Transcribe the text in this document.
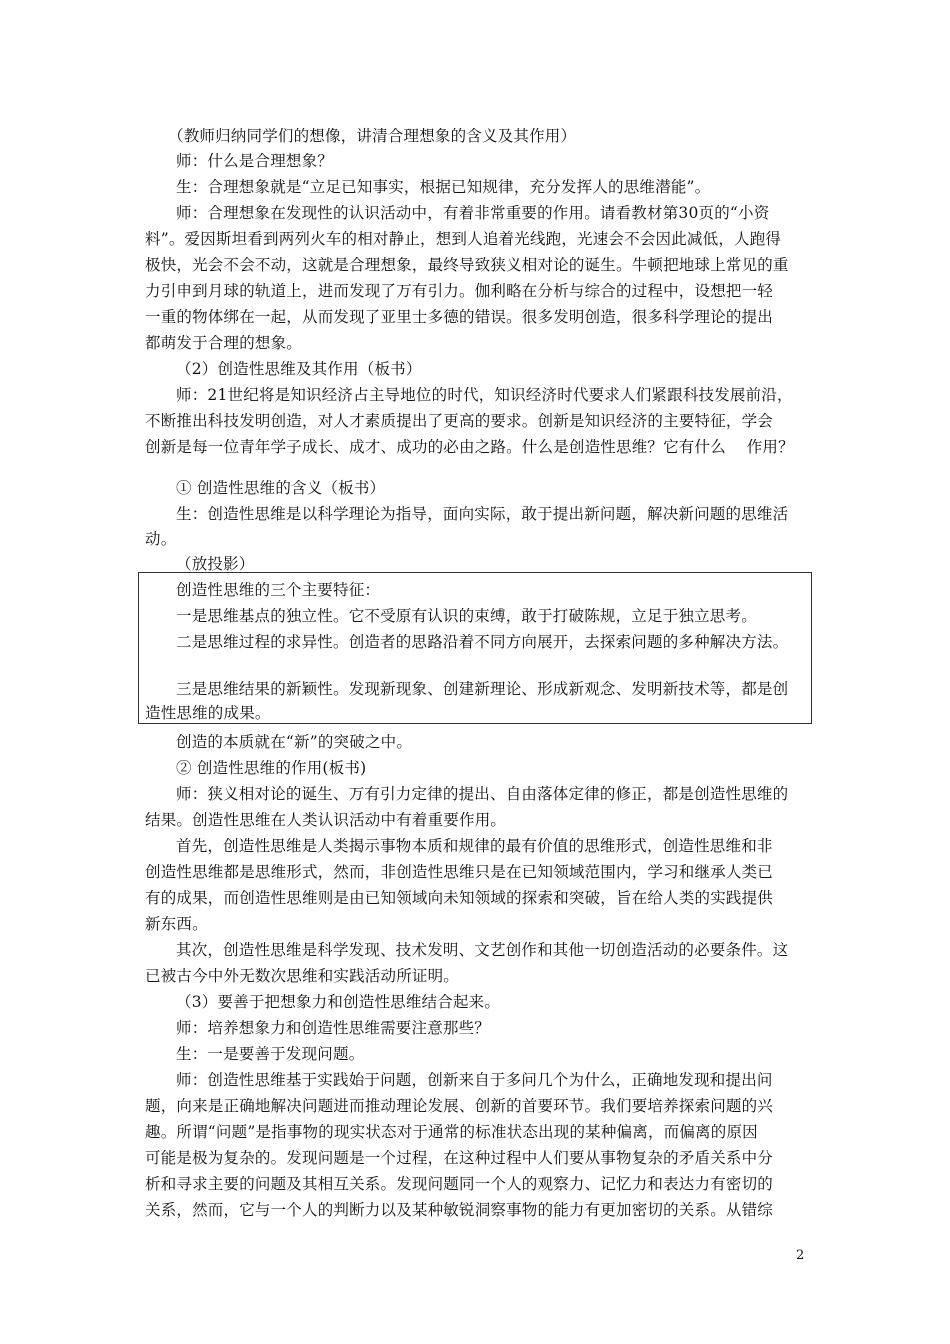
（教师归纳同学们的想像，讲清合理想象的含义及其作用）
师：什么是合理想象？
生：合理想象就是“立足已知事实，根据已知规律，充分发挥人的思维潜能”。
师：合理想象在发现性的认识活动中，有着非常重要的作用。请看教材第30页的“小资
料”。爱因斯坦看到两列火车的相对静止，想到人追着光线跑，光速会不会因此减低，人跑得
极快，光会不会不动，这就是合理想象，最终导致狭义相对论的诞生。牛顿把地球上常见的重
力引申到月球的轨道上，进而发现了万有引力。伽利略在分析与综合的过程中，设想把一轻
一重的物体绑在一起，从而发现了亚里士多德的错误。很多发明创造，很多科学理论的提出
都萌发于合理的想象。
（2）创造性思维及其作用（板书）
师：21世纪将是知识经济占主导地位的时代，知识经济时代要求人们紧跟科技发展前沿，
不断推出科技发明创造，对人才素质提出了更高的要求。创新是知识经济的主要特征，学会
创新是每一位青年学子成长、成才、成功的必由之路。什么是创造性思维？它有什么　 作用？
① 创造性思维的含义（板书）
生：创造性思维是以科学理论为指导，面向实际，敢于提出新问题，解决新问题的思维活
动。
（放投影）
创造性思维的三个主要特征：
一是思维基点的独立性。它不受原有认识的束缚，敢于打破陈规，立足于独立思考。
二是思维过程的求异性。创造者的思路沿着不同方向展开，去探索问题的多种解决方法。
三是思维结果的新颖性。发现新现象、创建新理论、形成新观念、发明新技术等，都是创
造性思维的成果。
创造的本质就在“新”的突破之中。
② 创造性思维的作用(板书)
师：狭义相对论的诞生、万有引力定律的提出、自由落体定律的修正，都是创造性思维的
结果。创造性思维在人类认识活动中有着重要作用。
首先，创造性思维是人类揭示事物本质和规律的最有价值的思维形式，创造性思维和非
创造性思维都是思维形式，然而，非创造性思维只是在已知领域范围内，学习和继承人类已
有的成果，而创造性思维则是由已知领域向未知领域的探索和突破，旨在给人类的实践提供
新东西。
其次，创造性思维是科学发现、技术发明、文艺创作和其他一切创造活动的必要条件。这
已被古今中外无数次思维和实践活动所证明。
（3）要善于把想象力和创造性思维结合起来。
师：培养想象力和创造性思维需要注意那些？
生：一是要善于发现问题。
师：创造性思维基于实践始于问题，创新来自于多问几个为什么，正确地发现和提出问
题，向来是正确地解决问题进而推动理论发展、创新的首要环节。我们要培养探索问题的兴
趣。所谓“问题”是指事物的现实状态对于通常的标准状态出现的某种偏离，而偏离的原因
可能是极为复杂的。发现问题是一个过程，在这种过程中人们要从事物复杂的矛盾关系中分
析和寻求主要的问题及其相互关系。发现问题同一个人的观察力、记忆力和表达力有密切的
关系，然而，它与一个人的判断力以及某种敏锐洞察事物的能力有更加密切的关系。从错综
2
